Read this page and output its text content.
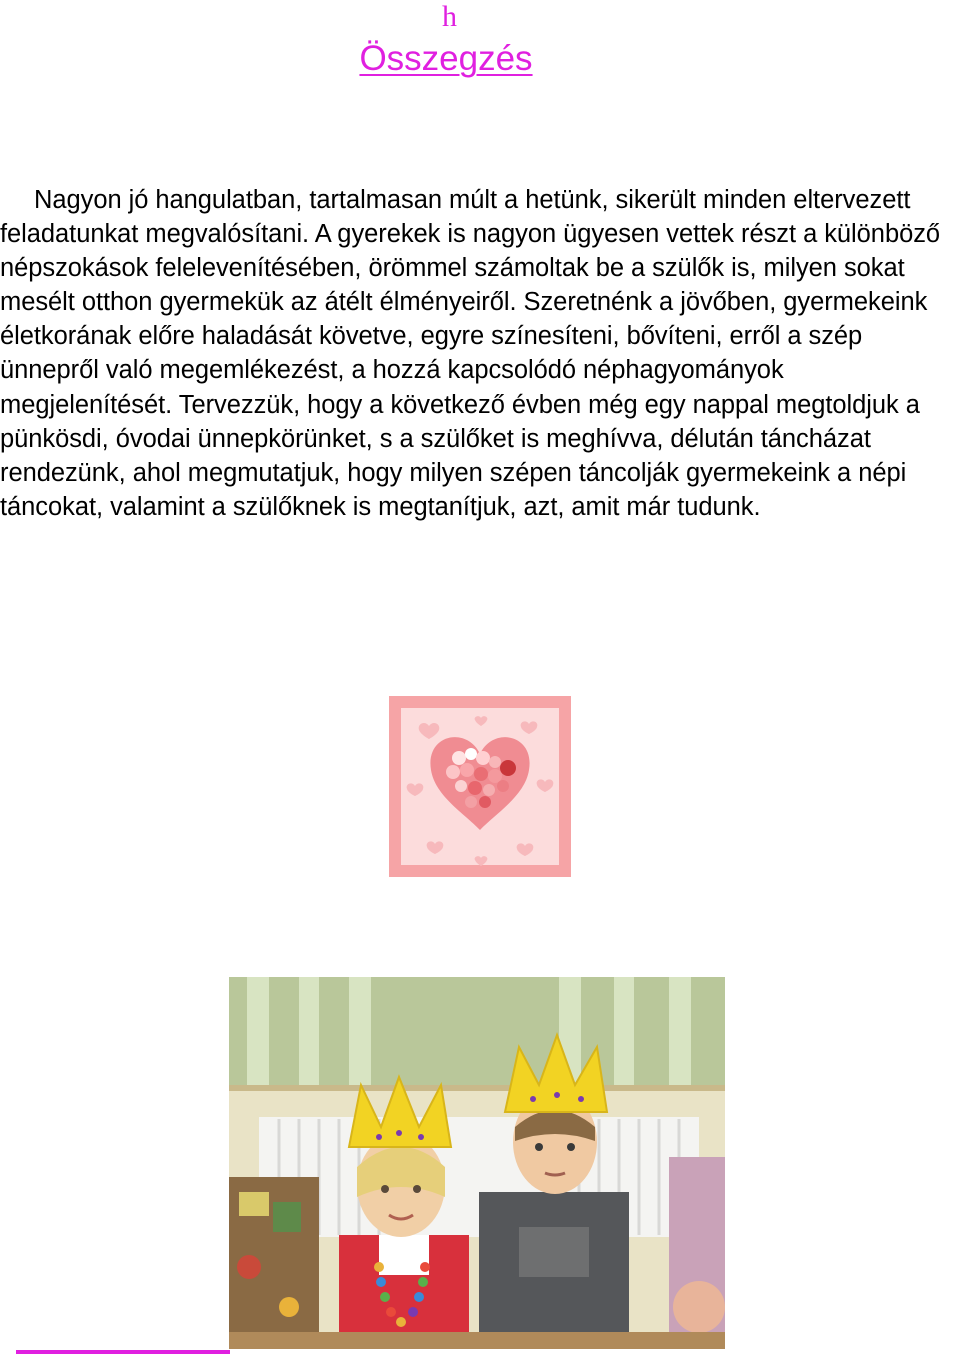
h
Összegzés

Nagyon jó hangulatban, tartalmasan múlt a hetünk, sikerült minden eltervezett feladatunkat megvalósítani. A gyerekek is nagyon ügyesen vettek részt a különböző népszokások felelevenítésében, örömmel számoltak be a szülők is, milyen sokat mesélt otthon gyermekük az átélt élményeiről. Szeretnénk a jövőben, gyermekeink életkorának előre haladását követve, egyre színesíteni, bővíteni, erről a szép ünnepről való megemlékezést, a hozzá kapcsolódó néphagyományok megjelenítését. Tervezzük, hogy a következő évben még egy nappal megtoldjuk a pünkösdi, óvodai ünnepkörünket, s a szülőket is meghívva, délután táncházat rendezünk, ahol megmutatjuk, hogy milyen szépen táncolják gyermekeink a népi táncokat, valamint a szülőknek is megtanítjuk, azt, amit már tudunk.
